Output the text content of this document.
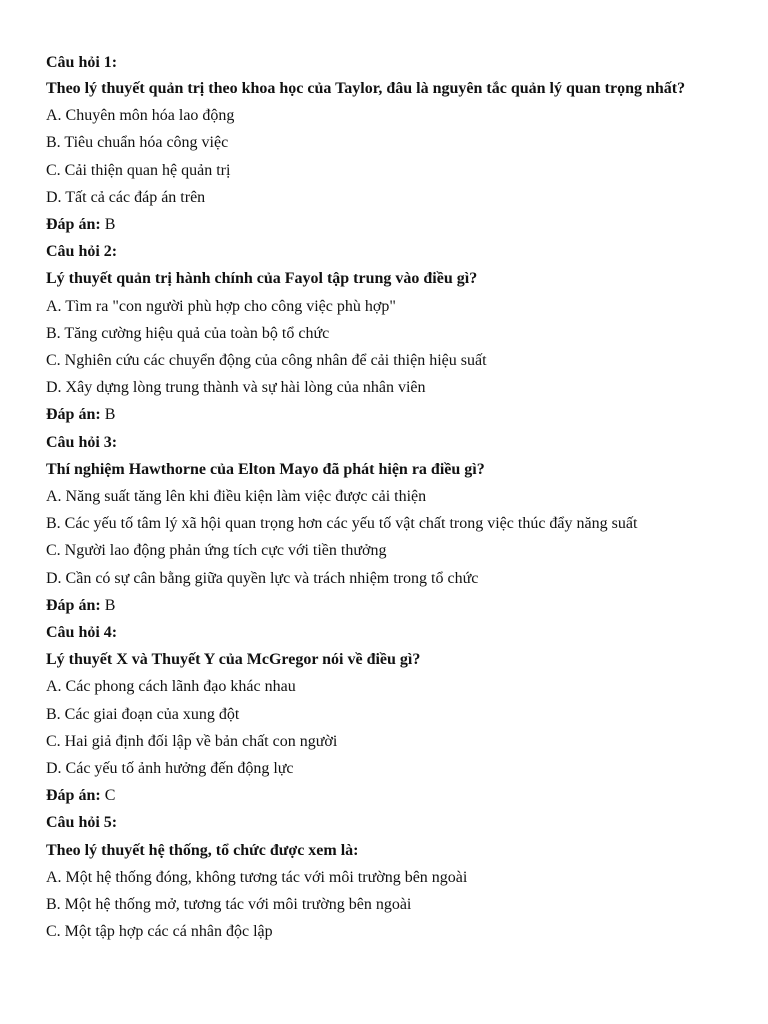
Câu hỏi 1:

Theo lý thuyết quản trị theo khoa học của Taylor, đâu là nguyên tắc quản lý quan trọng nhất?

A. Chuyên môn hóa lao động

B. Tiêu chuẩn hóa công việc

C. Cải thiện quan hệ quản trị

D. Tất cả các đáp án trên

Đáp án: B

Câu hỏi 2:

Lý thuyết quản trị hành chính của Fayol tập trung vào điều gì?

A. Tìm ra "con người phù hợp cho công việc phù hợp"

B. Tăng cường hiệu quả của toàn bộ tổ chức

C. Nghiên cứu các chuyển động của công nhân để cải thiện hiệu suất

D. Xây dựng lòng trung thành và sự hài lòng của nhân viên

Đáp án: B

Câu hỏi 3:

Thí nghiệm Hawthorne của Elton Mayo đã phát hiện ra điều gì?

A. Năng suất tăng lên khi điều kiện làm việc được cải thiện

B. Các yếu tố tâm lý xã hội quan trọng hơn các yếu tố vật chất trong việc thúc đẩy năng suất

C. Người lao động phản ứng tích cực với tiền thưởng

D. Cần có sự cân bằng giữa quyền lực và trách nhiệm trong tổ chức

Đáp án: B

Câu hỏi 4:

Lý thuyết X và Thuyết Y của McGregor nói về điều gì?

A. Các phong cách lãnh đạo khác nhau

B. Các giai đoạn của xung đột

C. Hai giả định đối lập về bản chất con người

D. Các yếu tố ảnh hưởng đến động lực

Đáp án: C

Câu hỏi 5:

Theo lý thuyết hệ thống, tổ chức được xem là:

A. Một hệ thống đóng, không tương tác với môi trường bên ngoài

B. Một hệ thống mở, tương tác với môi trường bên ngoài

C. Một tập hợp các cá nhân độc lập
